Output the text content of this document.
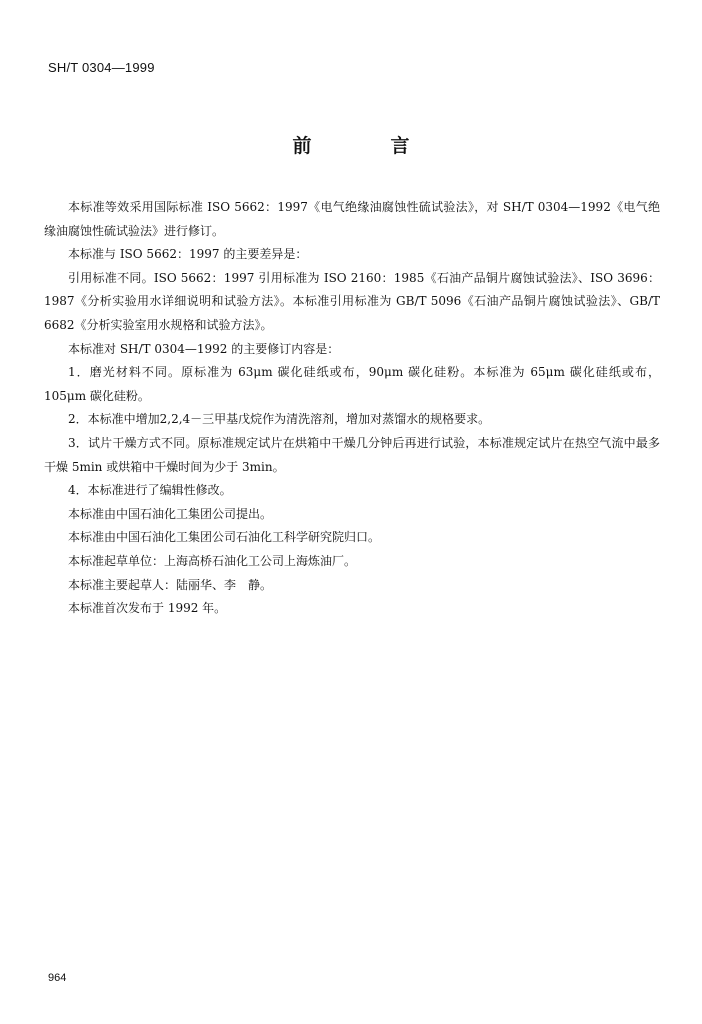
SH/T 0304—1999
前　言

本标准等效采用国际标准 ISO 5662：1997《电气绝缘油腐蚀性硫试验法》，对 SH/T 0304—1992《电气绝缘油腐蚀性硫试验法》进行修订。

本标准与 ISO 5662：1997 的主要差异是：

引用标准不同。ISO 5662：1997 引用标准为 ISO 2160：1985《石油产品铜片腐蚀试验法》、ISO 3696：1987《分析实验用水详细说明和试验方法》。本标准引用标准为 GB/T 5096《石油产品铜片腐蚀试验法》、GB/T 6682《分析实验室用水规格和试验方法》。

本标准对 SH/T 0304—1992 的主要修订内容是：

1．磨光材料不同。原标准为 63μm 碳化硅纸或布，90μm 碳化硅粉。本标准为 65μm 碳化硅纸或布，105μm 碳化硅粉。

2．本标准中增加2,2,4－三甲基戊烷作为清洗溶剂，增加对蒸馏水的规格要求。

3．试片干燥方式不同。原标准规定试片在烘箱中干燥几分钟后再进行试验，本标准规定试片在热空气流中最多干燥 5min 或烘箱中干燥时间为少于 3min。

4．本标准进行了编辑性修改。

本标准由中国石油化工集团公司提出。

本标准由中国石油化工集团公司石油化工科学研究院归口。

本标准起草单位：上海高桥石油化工公司上海炼油厂。

本标准主要起草人：陆丽华、李　静。

本标准首次发布于 1992 年。

964
